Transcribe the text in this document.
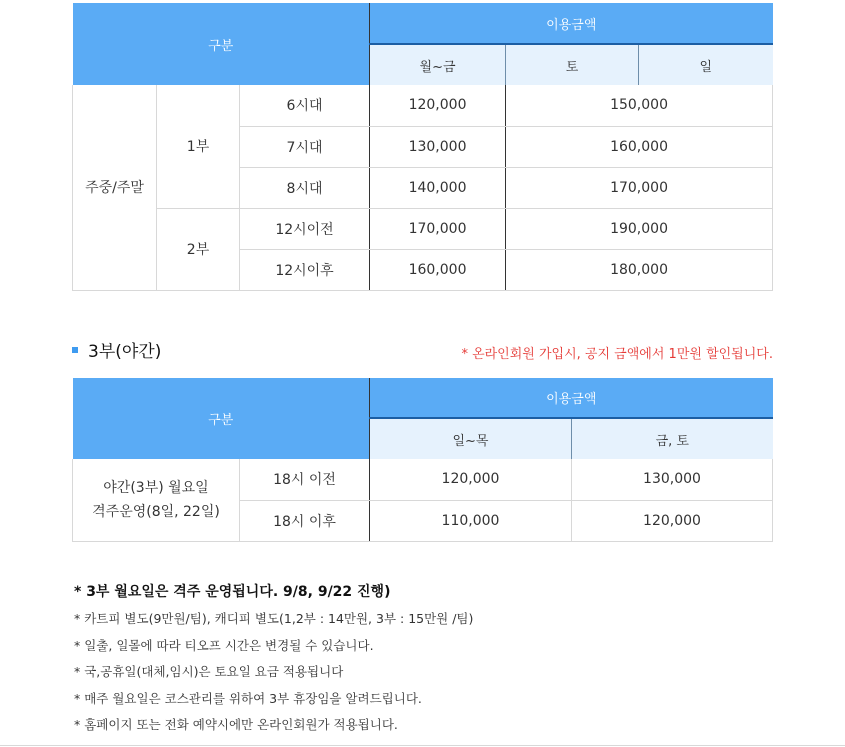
구분			이용금액		
			월~금	토	일
주중/주말	1부	6시대	120,000	150,000	
		7시대	130,000	160,000	
		8시대	140,000	170,000	
	2부	12시이전	170,000	190,000	
		12시이후	160,000	180,000	
3부(야간)	* 온라인회원 가입시, 공지 금액에서 1만원 할인됩니다.
구분		이용금액	
		일~목	금, 토
야간(3부) 월요일
격주운영(8일, 22일)	18시 이전	120,000	130,000
	18시 이후	110,000	120,000
* 3부 월요일은 격주 운영됩니다. 9/8, 9/22 진행)
* 카트피 별도(9만원/팀), 캐디피 별도(1,2부 : 14만원, 3부 : 15만원 /팀)
* 일출, 일몰에 따라 티오프 시간은 변경될 수 있습니다.
* 국,공휴일(대체,임시)은 토요일 요금 적용됩니다
* 매주 월요일은 코스관리를 위하여 3부 휴장임을 알려드립니다.
* 홈페이지 또는 전화 예약시에만 온라인회원가 적용됩니다.
